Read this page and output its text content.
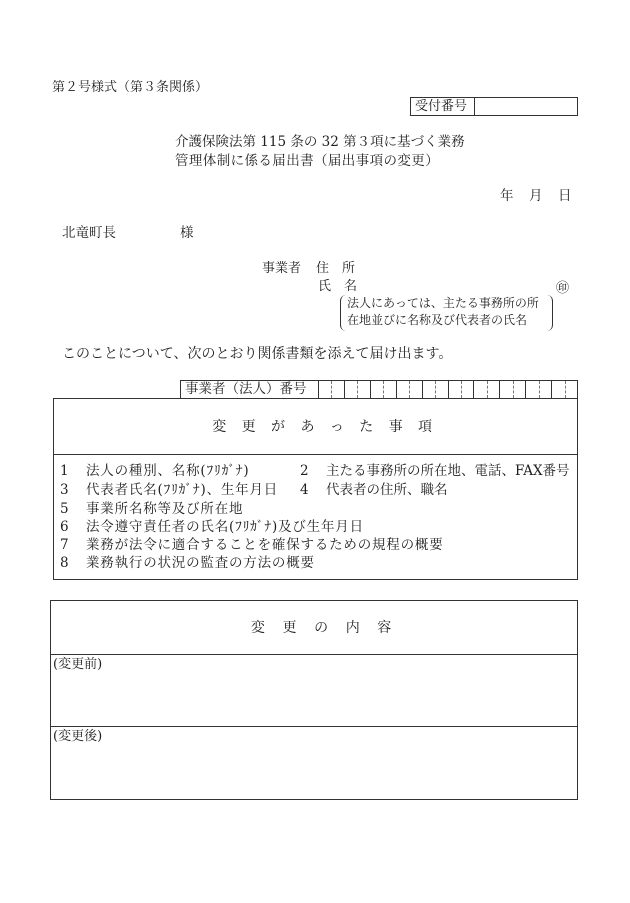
第２号様式（第３条関係）
受付番号
介護保険法第 115 条の 32 第３項に基づく業務
管理体制に係る届出書（届出事項の変更）
年 月 日
北竜町長	様
事業者 住　所
氏　名	㊞
法人にあっては、主たる事務所の所
在地並びに名称及び代表者の氏名
このことについて、次のとおり関係書類を添えて届け出ます。
事業者（法人）番号
変　更　が　あ　っ　た　事　項
1 法人の種別、名称(ﾌﾘｶﾞﾅ)	2 主たる事務所の所在地、電話、FAX番号
3 代表者氏名(ﾌﾘｶﾞﾅ)、生年月日 4 代表者の住所、職名
5 事業所名称等及び所在地
6 法令遵守責任者の氏名(ﾌﾘｶﾞﾅ)及び生年月日
7 業務が法令に適合することを確保するための規程の概要
8 業務執行の状況の監査の方法の概要
変　更　の　内　容
(変更前)
(変更後)
